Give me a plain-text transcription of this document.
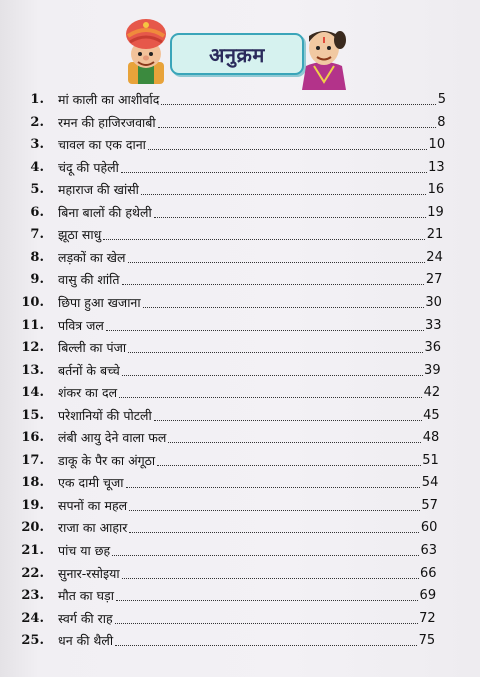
अनुक्रम
1. मां काली का आशीर्वाद	5
2. रमन की हाजिरजवाबी	8
3. चावल का एक दाना	10
4. चंदू की पहेली	13
5. महाराज की खांसी	16
6. बिना बालों की हथेली	19
7. झूठा साधु	21
8. लड़कों का खेल	24
9. वासु की शांति	27
10. छिपा हुआ खजाना	30
11. पवित्र जल	33
12. बिल्ली का पंजा	36
13. बर्तनों के बच्चे	39
14. शंकर का दल	42
15. परेशानियों की पोटली	45
16. लंबी आयु देने वाला फल	48
17. डाकू के पैर का अंगूठा	51
18. एक दामी चूजा	54
19. सपनों का महल	57
20. राजा का आहार	60
21. पांच या छह	63
22. सुनार-रसोइया	66
23. मौत का घड़ा	69
24. स्वर्ग की राह	72
25. धन की थैली	75
